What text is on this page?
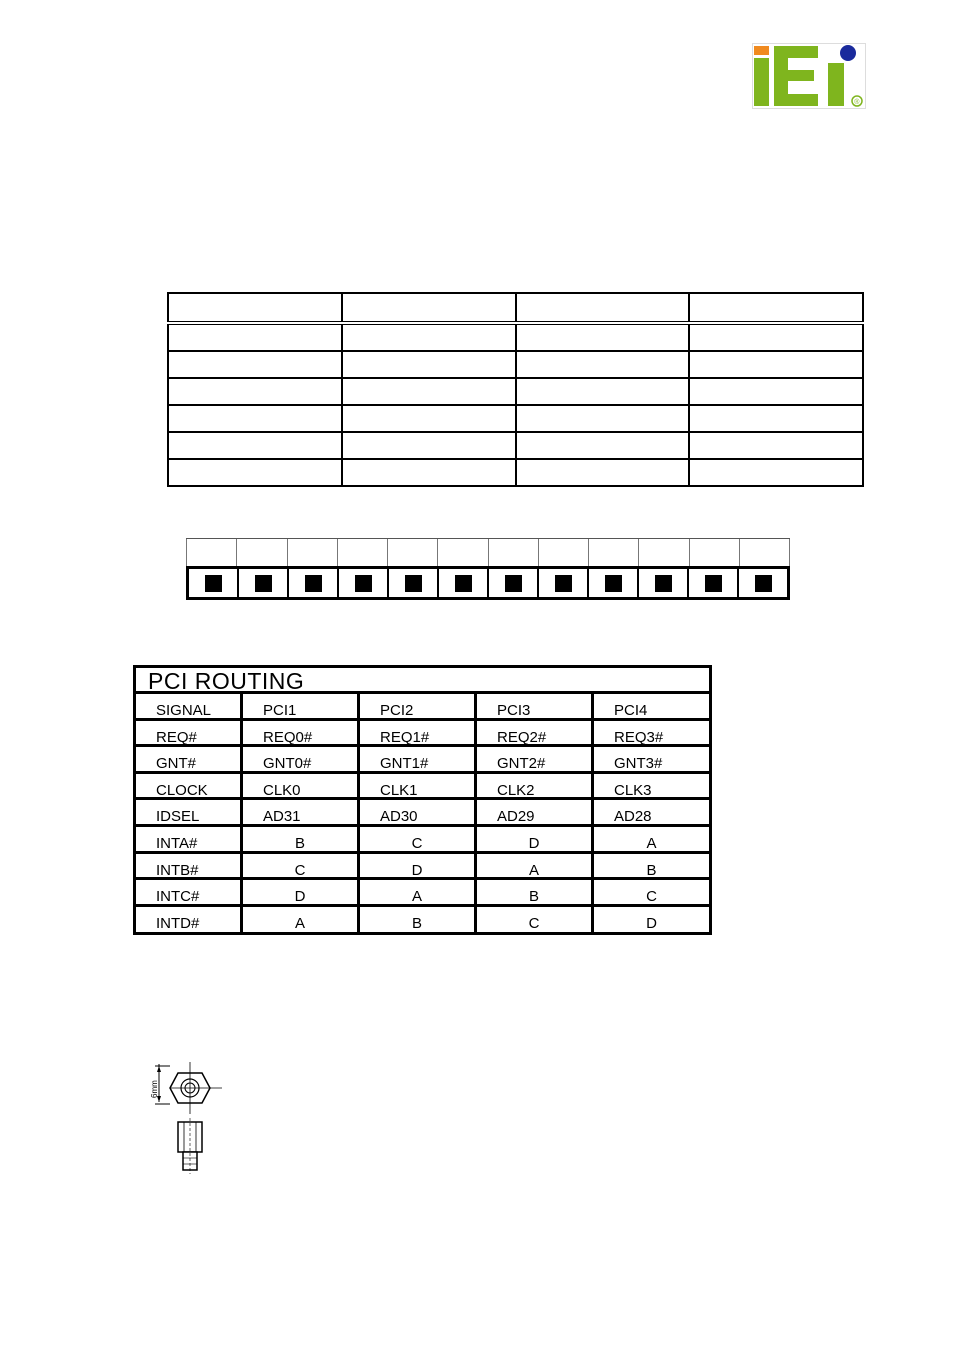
®

PCI ROUTING
SIGNAL	PCI1	PCI2	PCI3	PCI4
REQ#	REQ0#	REQ1#	REQ2#	REQ3#
GNT#	GNT0#	GNT1#	GNT2#	GNT3#
CLOCK	CLK0	CLK1	CLK2	CLK3
IDSEL	AD31	AD30	AD29	AD28
INTA#	B	C	D	A
INTB#	C	D	A	B
INTC#	D	A	B	C
INTD#	A	B	C	D
6mm
